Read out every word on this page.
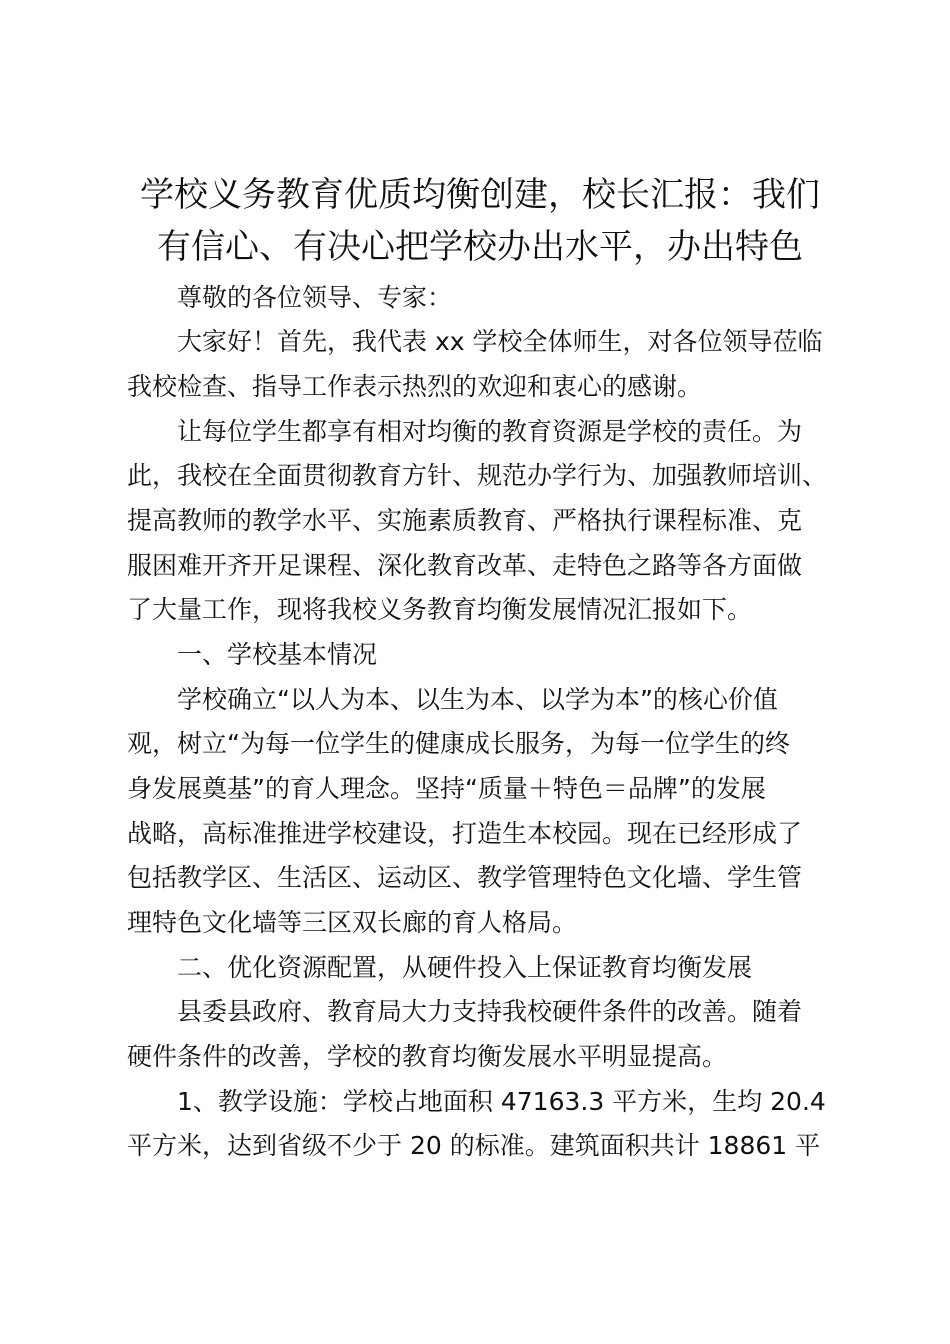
学校义务教育优质均衡创建，校长汇报：我们
有信心、有决心把学校办出水平，办出特色
尊敬的各位领导、专家：
大家好！首先，我代表 xx 学校全体师生，对各位领导莅临
我校检查、指导工作表示热烈的欢迎和衷心的感谢。
让每位学生都享有相对均衡的教育资源是学校的责任。为
此，我校在全面贯彻教育方针、规范办学行为、加强教师培训、
提高教师的教学水平、实施素质教育、严格执行课程标准、克
服困难开齐开足课程、深化教育改革、走特色之路等各方面做
了大量工作，现将我校义务教育均衡发展情况汇报如下。
一、学校基本情况
学校确立“以人为本、以生为本、以学为本”的核心价值
观，树立“为每一位学生的健康成长服务，为每一位学生的终
身发展奠基”的育人理念。坚持“质量＋特色＝品牌”的发展
战略，高标准推进学校建设，打造生本校园。现在已经形成了
包括教学区、生活区、运动区、教学管理特色文化墙、学生管
理特色文化墙等三区双长廊的育人格局。
二、优化资源配置，从硬件投入上保证教育均衡发展
县委县政府、教育局大力支持我校硬件条件的改善。随着
硬件条件的改善，学校的教育均衡发展水平明显提高。
1、教学设施：学校占地面积 47163.3 平方米，生均 20.4
平方米，达到省级不少于 20 的标准。建筑面积共计 18861 平
